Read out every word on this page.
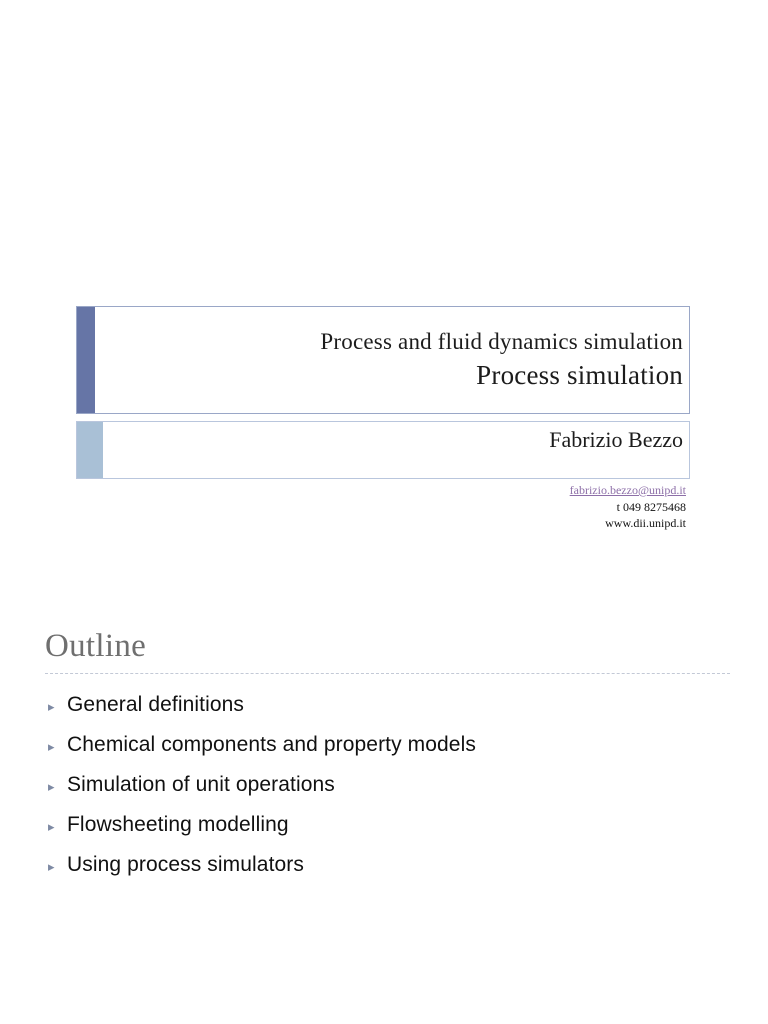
Process and fluid dynamics simulation
Process simulation
Fabrizio Bezzo
fabrizio.bezzo@unipd.it
t 049 8275468
www.dii.unipd.it
Outline
▸ General definitions
▸ Chemical components and property models
▸ Simulation of unit operations
▸ Flowsheeting modelling
▸ Using process simulators
